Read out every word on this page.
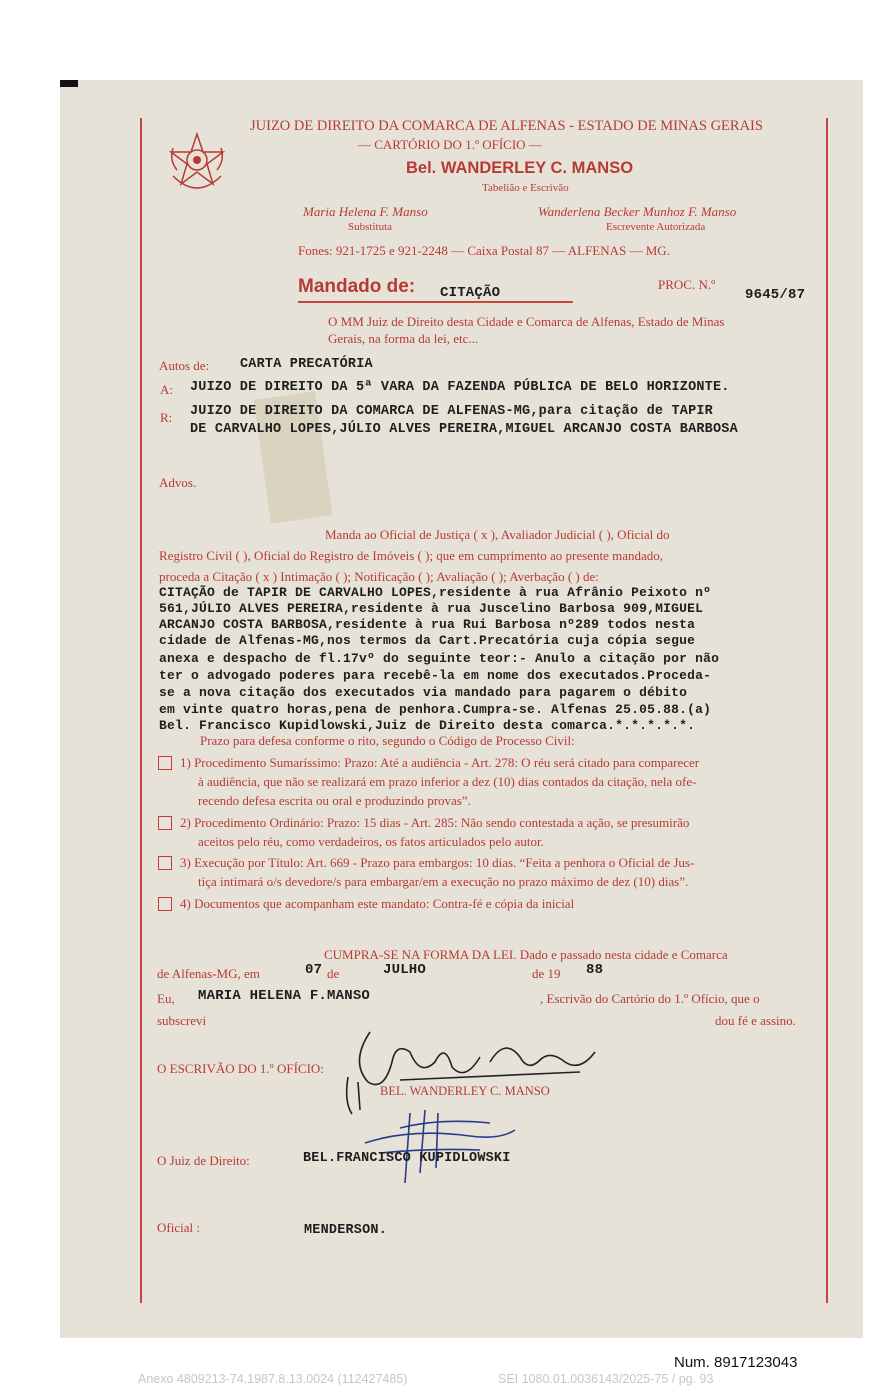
JUIZO DE DIREITO DA COMARCA DE ALFENAS - ESTADO DE MINAS GERAIS
— CARTÓRIO DO 1.º OFÍCIO —
Bel. WANDERLEY C. MANSO
Tabelião e Escrivão
Maria Helena F. Manso
Substituta
Wanderlena Becker Munhoz F. Manso
Escrevente Autorizada
Fones: 921-1725 e 921-2248 — Caixa Postal 87 — ALFENAS — MG.
Mandado de: CITAÇÃO
PROC. N.º
9645/87
O MM Juiz de Direito desta Cidade e Comarca de Alfenas, Estado de Minas
Gerais, na forma da lei, etc...
Autos de: CARTA PRECATÓRIA
A: JUIZO DE DIREITO DA 5ª VARA DA FAZENDA PÚBLICA DE BELO HORIZONTE.
R: JUIZO DE DIREITO DA COMARCA DE ALFENAS-MG,para citação de TAPIR
DE CARVALHO LOPES,JÚLIO ALVES PEREIRA,MIGUEL ARCANJO COSTA BARBOSA
Advos.
Manda ao Oficial de Justiça ( x ), Avaliador Judicial ( ), Oficial do
Registro Civil ( ), Oficial do Registro de Imóveis ( ); que em cumprimento ao presente mandado,
proceda a Citação ( x ) Intimação ( ); Notificação ( ); Avaliação ( ); Averbação ( ) de:
CITAÇÃO de TAPIR DE CARVALHO LOPES,residente à rua Afrânio Peixoto nº
561,JÚLIO ALVES PEREIRA,residente à rua Juscelino Barbosa 909,MIGUEL
ARCANJO COSTA BARBOSA,residente à rua Rui Barbosa nº289 todos nesta
cidade de Alfenas-MG,nos termos da Cart.Precatória cuja cópia segue
anexa e despacho de fl.17vº do seguinte teor:- Anulo a citação por não
ter o advogado poderes para recebê-la em nome dos executados.Proceda-
se a nova citação dos executados via mandado para pagarem o débito
em vinte quatro horas,pena de penhora.Cumpra-se. Alfenas 25.05.88.(a)
Bel. Francisco Kupidlowski,Juiz de Direito desta comarca.*.*.*.*.*.
Prazo para defesa conforme o rito, segundo o Código de Processo Civil:
1) Procedimento Sumaríssimo: Prazo: Até a audiência - Art. 278: O réu será citado para comparecer
à audiência, que não se realizará em prazo inferior a dez (10) dias contados da citação, nela ofe-
recendo defesa escrita ou oral e produzindo provas”.
2) Procedimento Ordinário: Prazo: 15 dias - Art. 285: Não sendo contestada a ação, se presumirão
aceitos pelo réu, como verdadeiros, os fatos articulados pelo autor.
3) Execução por Título: Art. 669 - Prazo para embargos: 10 dias. “Feita a penhora o Oficial de Jus-
tiça intimará o/s devedore/s para embargar/em a execução no prazo máximo de dez (10) dias”.
4) Documentos que acompanham este mandato: Contra-fé e cópia da inicial
CUMPRA-SE NA FORMA DA LEI. Dado e passado nesta cidade e Comarca
de Alfenas-MG, em	07 de	JULHO	de 19 88
Eu, MARIA HELENA F.MANSO	, Escrivão do Cartório do 1.º Ofício, que o
subscrevi	dou fé e assino.
O ESCRIVÃO DO 1.º OFÍCIO:
BEL. WANDERLEY C. MANSO
O Juiz de Direito:	BEL.FRANCISCO KUPIDLOWSKI
Oficial :	MENDERSON.
Num. 8917123043
Anexo 4809213-74.1987.8.13.0024 (112427485)	SEI 1080.01.0036143/2025-75 / pg. 93
